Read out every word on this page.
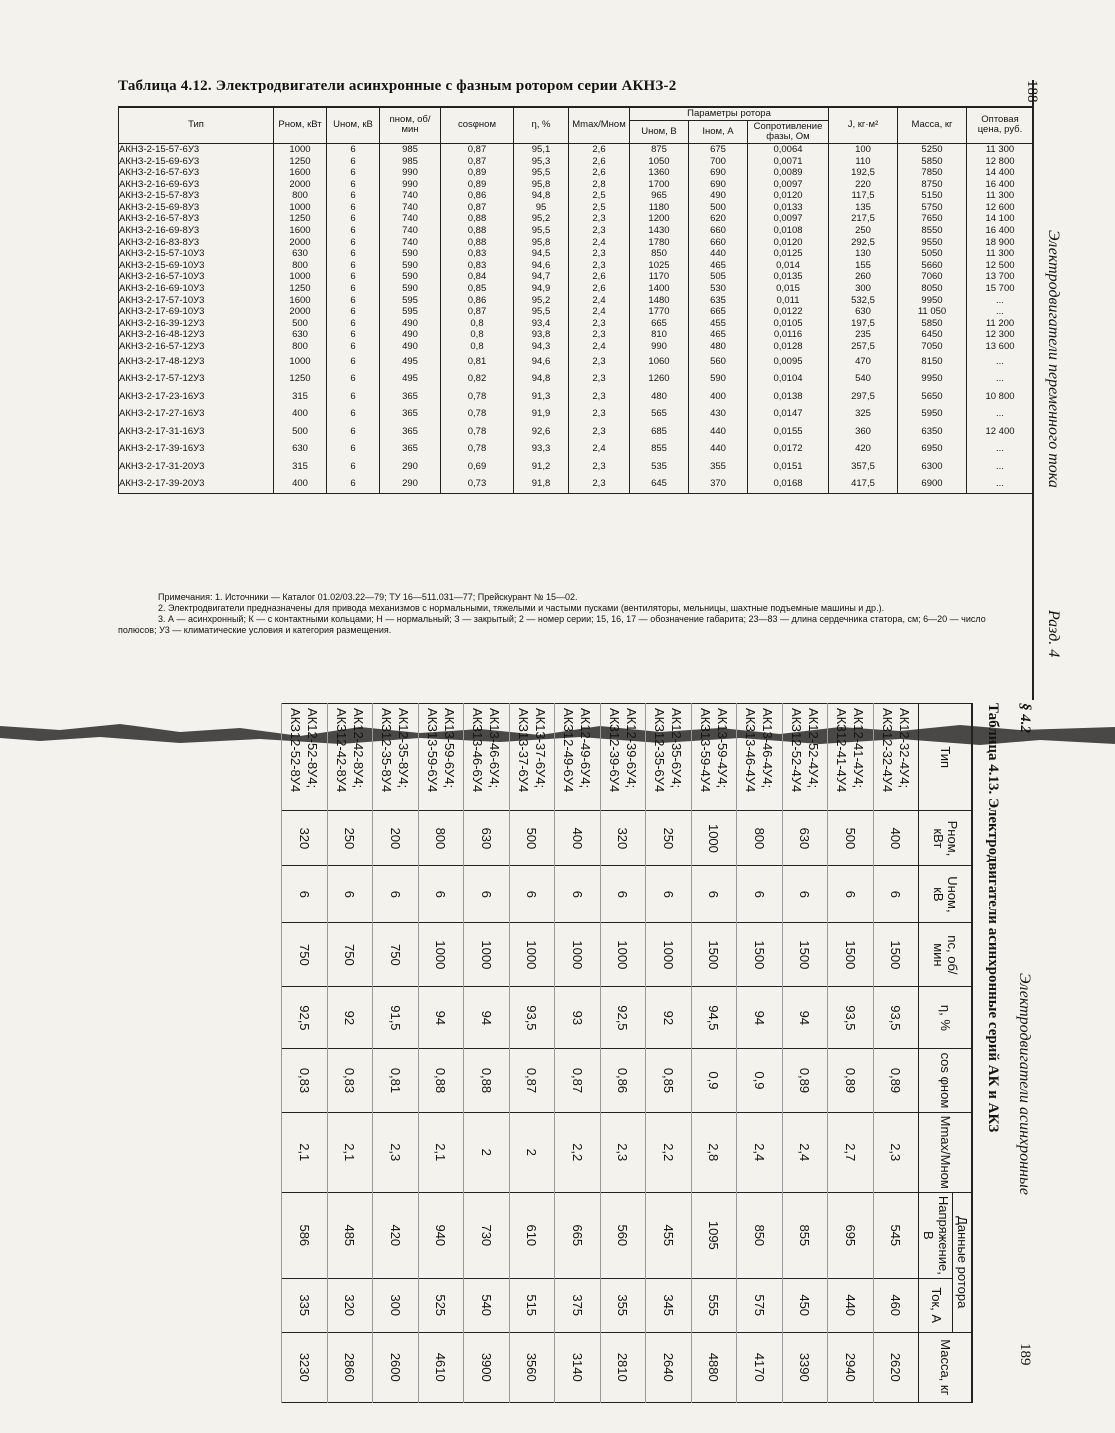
Таблица 4.12. Электродвигатели асинхронные с фазным ротором серии АКНЗ-2
Тип	Pном, кВт	Uном, кВ	nном, об/мин	cosφном	η, %	Mmax/Mном	Параметры ротора			J, кг·м²	Масса, кг	Оптовая цена, руб.
							Uном, В	Iном, А	Сопротивление фазы, Ом			
АКНЗ-2-15-57-6У3	1000	6	985	0,87	95,1	2,6	875	675	0,0064	100	5250	11 300
АКНЗ-2-15-69-6У3	1250	6	985	0,87	95,3	2,6	1050	700	0,0071	110	5850	12 800
АКНЗ-2-16-57-6У3	1600	6	990	0,89	95,5	2,6	1360	690	0,0089	192,5	7850	14 400
АКНЗ-2-16-69-6У3	2000	6	990	0,89	95,8	2,8	1700	690	0,0097	220	8750	16 400
АКНЗ-2-15-57-8У3	800	6	740	0,86	94,8	2,5	965	490	0,0120	117,5	5150	11 300
АКНЗ-2-15-69-8У3	1000	6	740	0,87	95	2,5	1180	500	0,0133	135	5750	12 600
АКНЗ-2-16-57-8У3	1250	6	740	0,88	95,2	2,3	1200	620	0,0097	217,5	7650	14 100
АКНЗ-2-16-69-8У3	1600	6	740	0,88	95,5	2,3	1430	660	0,0108	250	8550	16 400
АКНЗ-2-16-83-8У3	2000	6	740	0,88	95,8	2,4	1780	660	0,0120	292,5	9550	18 900
АКНЗ-2-15-57-10У3	630	6	590	0,83	94,5	2,3	850	440	0,0125	130	5050	11 300
АКНЗ-2-15-69-10У3	800	6	590	0,83	94,6	2,3	1025	465	0,014	155	5660	12 500
АКНЗ-2-16-57-10У3	1000	6	590	0,84	94,7	2,6	1170	505	0,0135	260	7060	13 700
АКНЗ-2-16-69-10У3	1250	6	590	0,85	94,9	2,6	1400	530	0,015	300	8050	15 700
АКНЗ-2-17-57-10У3	1600	6	595	0,86	95,2	2,4	1480	635	0,011	532,5	9950	...
АКНЗ-2-17-69-10У3	2000	6	595	0,87	95,5	2,4	1770	665	0,0122	630	11 050	...
АКНЗ-2-16-39-12У3	500	6	490	0,8	93,4	2,3	665	455	0,0105	197,5	5850	11 200
АКНЗ-2-16-48-12У3	630	6	490	0,8	93,8	2,3	810	465	0,0116	235	6450	12 300
АКНЗ-2-16-57-12У3	800	6	490	0,8	94,3	2,4	990	480	0,0128	257,5	7050	13 600
АКНЗ-2-17-48-12У3	1000	6	495	0,81	94,6	2,3	1060	560	0,0095	470	8150	...
АКНЗ-2-17-57-12У3	1250	6	495	0,82	94,8	2,3	1260	590	0,0104	540	9950	...
АКНЗ-2-17-23-16У3	315	6	365	0,78	91,3	2,3	480	400	0,0138	297,5	5650	10 800
АКНЗ-2-17-27-16У3	400	6	365	0,78	91,9	2,3	565	430	0,0147	325	5950	...
АКНЗ-2-17-31-16У3	500	6	365	0,78	92,6	2,3	685	440	0,0155	360	6350	12 400
АКНЗ-2-17-39-16У3	630	6	365	0,78	93,3	2,4	855	440	0,0172	420	6950	...
АКНЗ-2-17-31-20У3	315	6	290	0,69	91,2	2,3	535	355	0,0151	357,5	6300	...
АКНЗ-2-17-39-20У3	400	6	290	0,73	91,8	2,3	645	370	0,0168	417,5	6900	...

Примечания: 1. Источники — Каталог 01.02/03.22—79; ТУ 16—511.031—77; Прейскурант № 15—02.

2. Электродвигатели предназначены для привода механизмов с нормальными, тяжелыми и частыми пусками (вентиляторы, мельницы, шахтные подъемные машины и др.).

3. А — асинхронный; К — с контактными кольцами; Н — нормальный; З — закрытый; 2 — номер серии; 15, 16, 17 — обозначение габарита; 23—83 — длина сердечника статора, см; 6—20 — число полюсов; У3 — климатические условия и категория размещения.

188
Электродвигатели переменного тока
Разд. 4
§ 4.2
Электродвигатели асинхронные
189
Таблица 4.13. Электродвигатели асинхронные серий АК и АКЗ
Тип	Pном, кВт	Uном, кВ	nс, об/мин	η, %	cos φном	Mmax/Mном	Данные ротора		Масса, кг
							Напряжение, В	Ток, А	

АК12-32-4У4;
АКЗ12-32-4У4	400	6	1500	93,5	0,89	2,3	545	460	2620

АК12-41-4У4;
АКЗ12-41-4У4	500	6	1500	93,5	0,89	2,7	695	440	2940

АК12-52-4У4;
АКЗ12-52-4У4	630	6	1500	94	0,89	2,4	855	450	3390

АК13-46-4У4;
АКЗ13-46-4У4	800	6	1500	94	0,9	2,4	850	575	4170

АК13-59-4У4;
АКЗ13-59-4У4	1000	6	1500	94,5	0,9	2,8	1095	555	4880

АК12-35-6У4;
АКЗ12-35-6У4	250	6	1000	92	0,85	2,2	455	345	2640

АК12-39-6У4;
АКЗ12-39-6У4	320	6	1000	92,5	0,86	2,3	560	355	2810

АК12-49-6У4;
АКЗ12-49-6У4	400	6	1000	93	0,87	2,2	665	375	3140

АК13-37-6У4;
АКЗ13-37-6У4	500	6	1000	93,5	0,87	2	610	515	3560

АК13-46-6У4;
АКЗ13-46-6У4	630	6	1000	94	0,88	2	730	540	3900

АК13-59-6У4;
АКЗ13-59-6У4	800	6	1000	94	0,88	2,1	940	525	4610

АК12-35-8У4;
АКЗ12-35-8У4	200	6	750	91,5	0,81	2,3	420	300	2600

АК12-42-8У4;
АКЗ12-42-8У4	250	6	750	92	0,83	2,1	485	320	2860

АК12-52-8У4;
АКЗ12-52-8У4	320	6	750	92,5	0,83	2,1	586	335	3230
